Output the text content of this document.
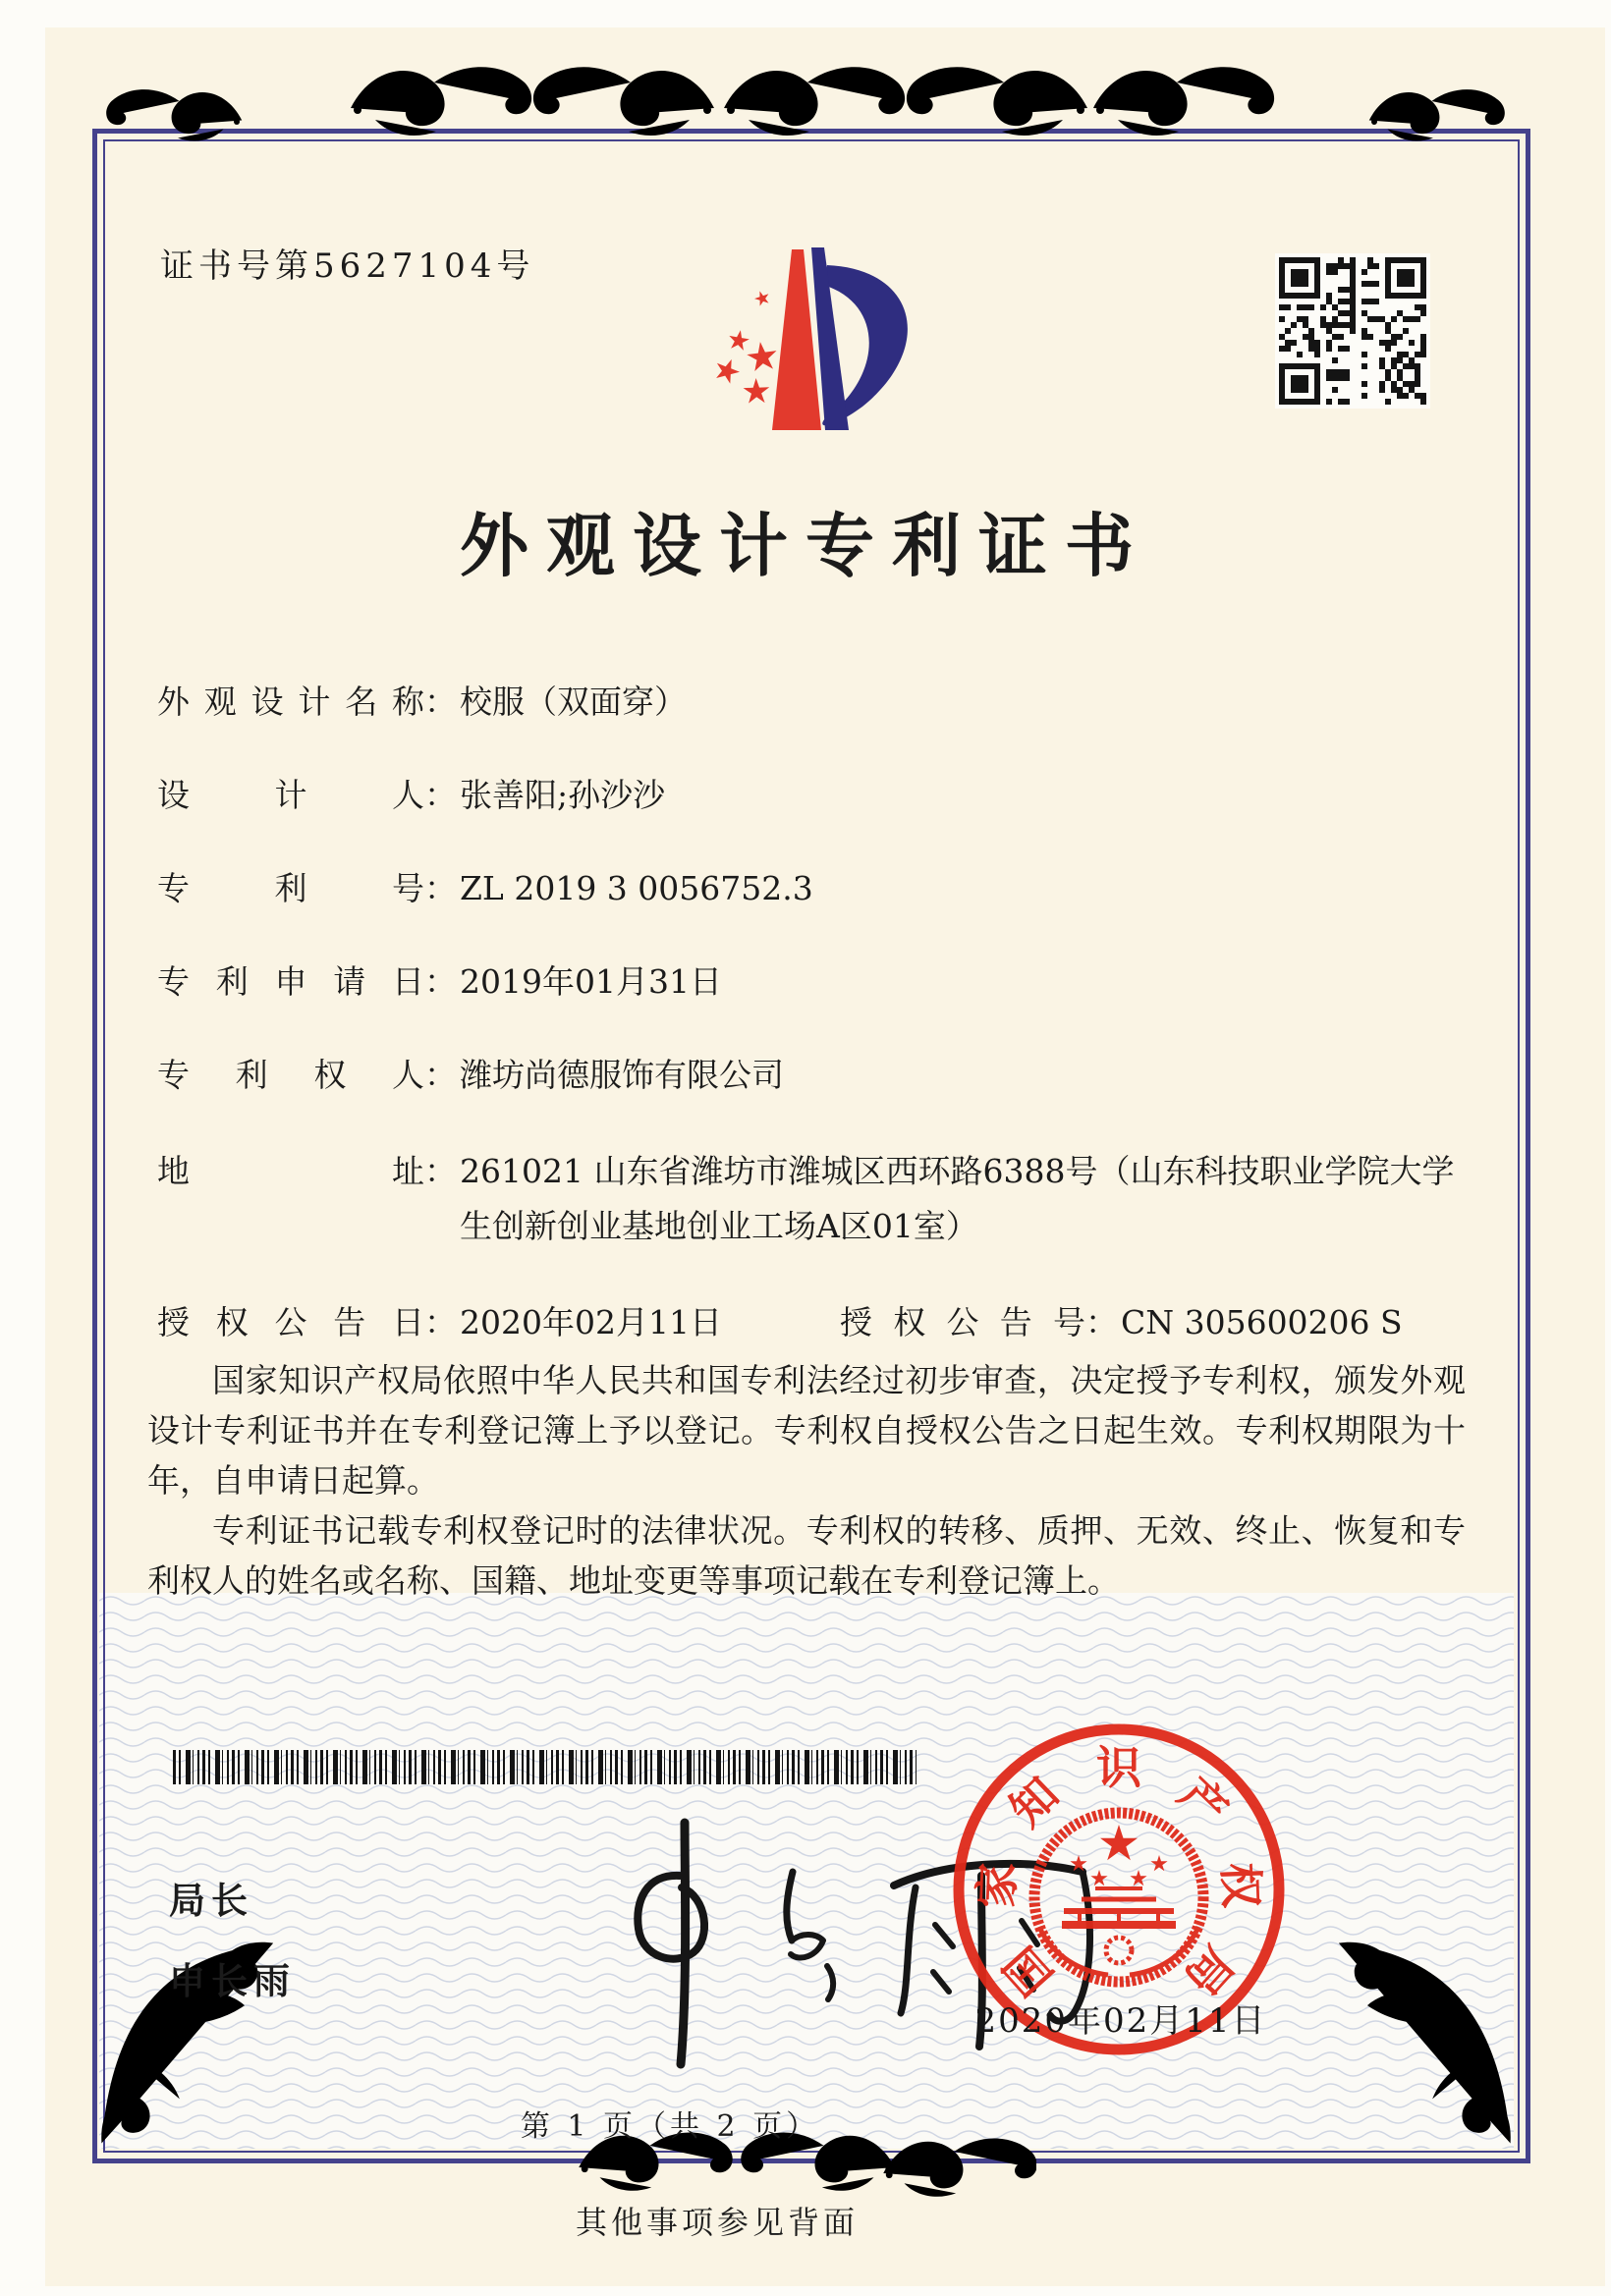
证书号第5627104号
外观设计专利证书
外观设计名称 ： 校服（双面穿）
设计人 ： 张善阳;孙沙沙
专利号 ： ZL 2019 3 0056752.3
专利申请日 ： 2019年01月31日
专利权人 ： 潍坊尚德服饰有限公司
地址 ： 261021 山东省潍坊市潍城区西环路6388号（山东科技职业学院大学生创新创业基地创业工场A区01室）
授权公告日 ： 2020年02月11日	授权公告号 ： CN 305600206 S

国家知识产权局依照中华人民共和国专利法经过初步审查，决定授予专利权，颁发外观设计专利证书并在专利登记簿上予以登记。专利权自授权公告之日起生效。专利权期限为十年，自申请日起算。

专利证书记载专利权登记时的法律状况。专利权的转移、质押、无效、终止、恢复和专利权人的姓名或名称、国籍、地址变更等事项记载在专利登记簿上。

局长
申长雨	国
家
知 识 产
权
局
2020年02月11日
第 1 页（共 2 页）
其他事项参见背面
